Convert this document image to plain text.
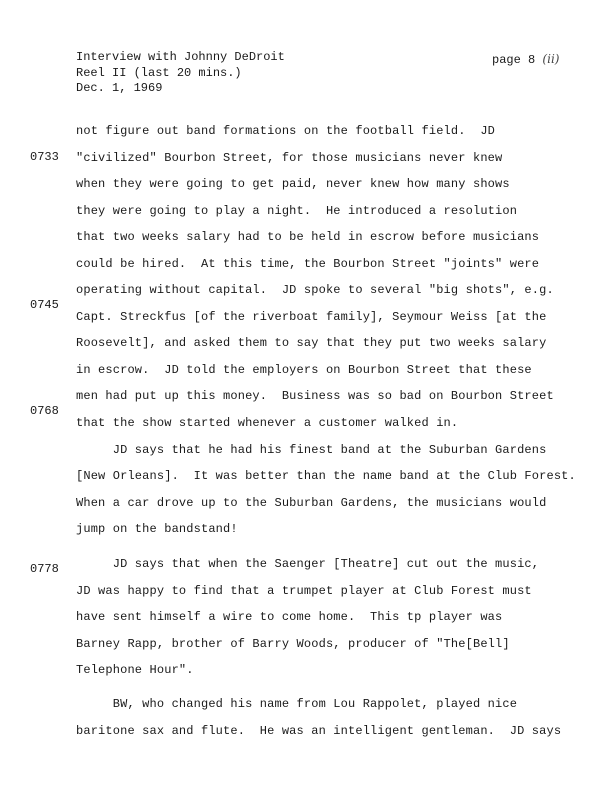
Interview with Johnny DeDroit
Reel II (last 20 mins.)
Dec. 1, 1969
page 8 (ii)
0733
0745
0768
0778
not figure out band formations on the football field.  JD
"civilized" Bourbon Street, for those musicians never knew
when they were going to get paid, never knew how many shows
they were going to play a night.  He introduced a resolution
that two weeks salary had to be held in escrow before musicians
could be hired.  At this time, the Bourbon Street "joints" were
operating without capital.  JD spoke to several "big shots", e.g.
Capt. Streckfus [of the riverboat family], Seymour Weiss [at the
Roosevelt], and asked them to say that they put two weeks salary
in escrow.  JD told the employers on Bourbon Street that these
men had put up this money.  Business was so bad on Bourbon Street
that the show started whenever a customer walked in.
JD says that he had his finest band at the Suburban Gardens
[New Orleans].  It was better than the name band at the Club Forest.
When a car drove up to the Suburban Gardens, the musicians would
jump on the bandstand!
JD says that when the Saenger [Theatre] cut out the music,
JD was happy to find that a trumpet player at Club Forest must
have sent himself a wire to come home.  This tp player was
Barney Rapp, brother of Barry Woods, producer of "The[Bell]
Telephone Hour".
BW, who changed his name from Lou Rappolet, played nice
baritone sax and flute.  He was an intelligent gentleman.  JD says
